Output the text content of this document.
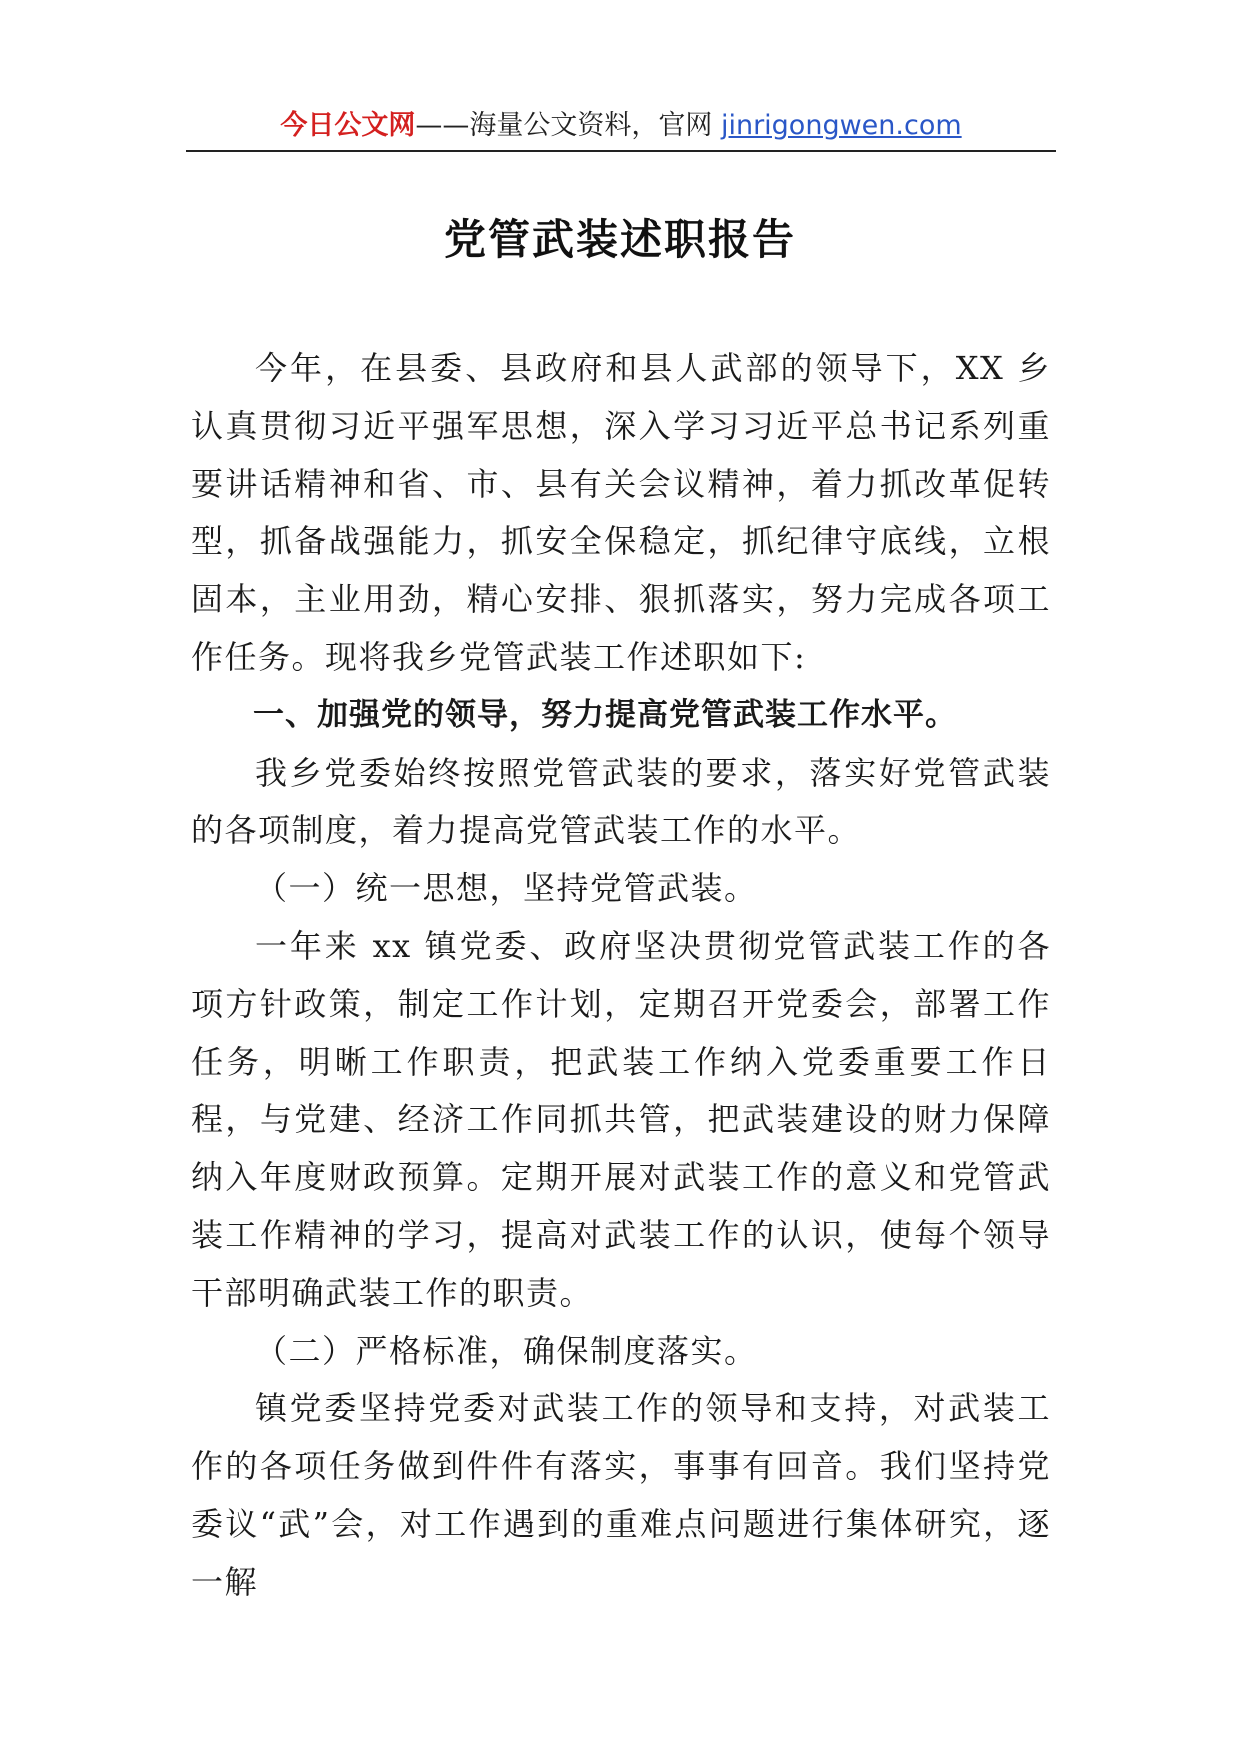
今日公文网——海量公文资料，官网 jinrigongwen.com
党管武装述职报告

今年，在县委、县政府和县人武部的领导下，XX 乡认真贯彻习近平强军思想，深入学习习近平总书记系列重要讲话精神和省、市、县有关会议精神，着力抓改革促转型，抓备战强能力，抓安全保稳定，抓纪律守底线，立根固本，主业用劲，精心安排、狠抓落实，努力完成各项工作任务。现将我乡党管武装工作述职如下:

一、加强党的领导，努力提高党管武装工作水平。

我乡党委始终按照党管武装的要求，落实好党管武装的各项制度，着力提高党管武装工作的水平。

（一）统一思想，坚持党管武装。

一年来 xx 镇党委、政府坚决贯彻党管武装工作的各项方针政策，制定工作计划，定期召开党委会，部署工作任务，明晰工作职责，把武装工作纳入党委重要工作日程，与党建、经济工作同抓共管，把武装建设的财力保障纳入年度财政预算。定期开展对武装工作的意义和党管武装工作精神的学习，提高对武装工作的认识，使每个领导干部明确武装工作的职责。

（二）严格标准，确保制度落实。

镇党委坚持党委对武装工作的领导和支持，对武装工作的各项任务做到件件有落实，事事有回音。我们坚持党委议“武”会，对工作遇到的重难点问题进行集体研究，逐一解
